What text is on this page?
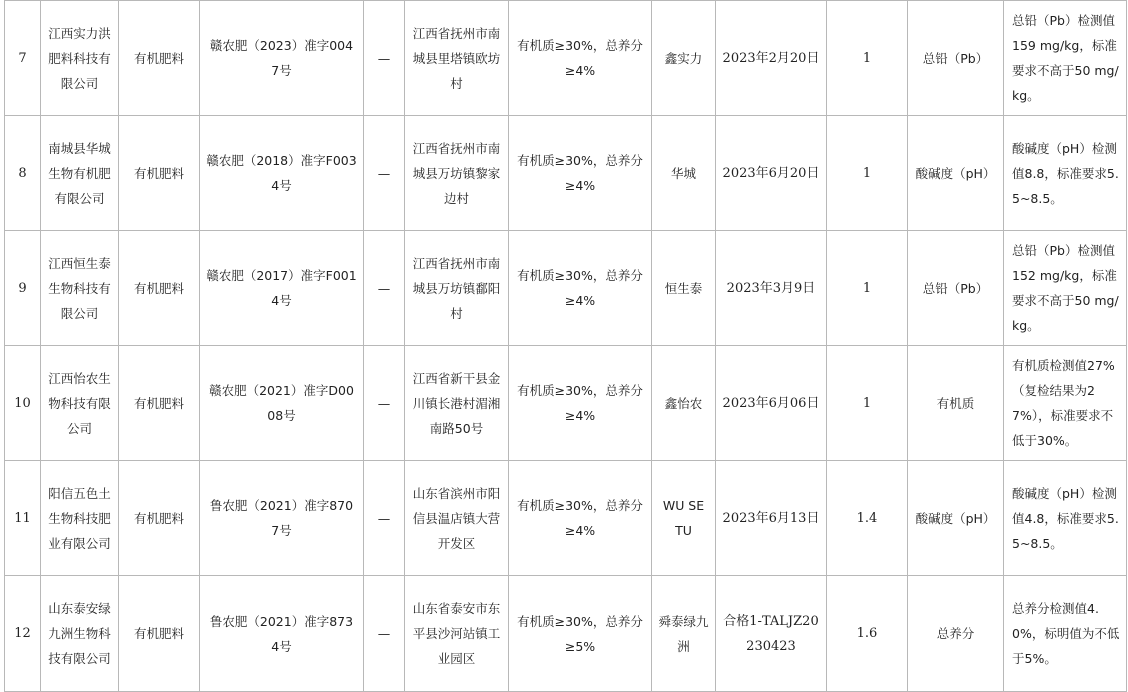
7	江西实力洪肥料科技有限公司	有机肥料	赣农肥（2023）准字0047号	—	江西省抚州市南城县里塔镇欧坊村	有机质≥30%，总养分≥4%	鑫实力	2023年2月20日	1	总铅（Pb）	总铅（Pb）检测值159 mg/kg，标准要求不高于50 mg/kg。
8	南城县华城生物有机肥有限公司	有机肥料	赣农肥（2018）准字F0034号	—	江西省抚州市南城县万坊镇黎家边村	有机质≥30%，总养分≥4%	华城	2023年6月20日	1	酸碱度（pH）	酸碱度（pH）检测值8.8，标准要求5.5~8.5。
9	江西恒生泰生物科技有限公司	有机肥料	赣农肥（2017）准字F0014号	—	江西省抚州市南城县万坊镇鄱阳村	有机质≥30%，总养分≥4%	恒生泰	2023年3月9日	1	总铅（Pb）	总铅（Pb）检测值152 mg/kg，标准要求不高于50 mg/kg。
10	江西怡农生物科技有限公司	有机肥料	赣农肥（2021）准字D0008号	—	江西省新干县金川镇长港村湄湘南路50号	有机质≥30%，总养分≥4%	鑫怡农	2023年6月06日	1	有机质	有机质检测值27%（复检结果为27%），标准要求不低于30%。
11	阳信五色土生物科技肥业有限公司	有机肥料	鲁农肥（2021）准字8707号	—	山东省滨州市阳信县温店镇大营开发区	有机质≥30%，总养分≥4%	WU SE TU	2023年6月13日	1.4	酸碱度（pH）	酸碱度（pH）检测值4.8，标准要求5.5~8.5。
12	山东泰安绿九洲生物科技有限公司	有机肥料	鲁农肥（2021）准字8734号	—	山东省泰安市东平县沙河站镇工业园区	有机质≥30%，总养分≥5%	舜泰绿九洲	合格1-TALJZ20230423	1.6	总养分	总养分检测值4.0%，标明值为不低于5%。
